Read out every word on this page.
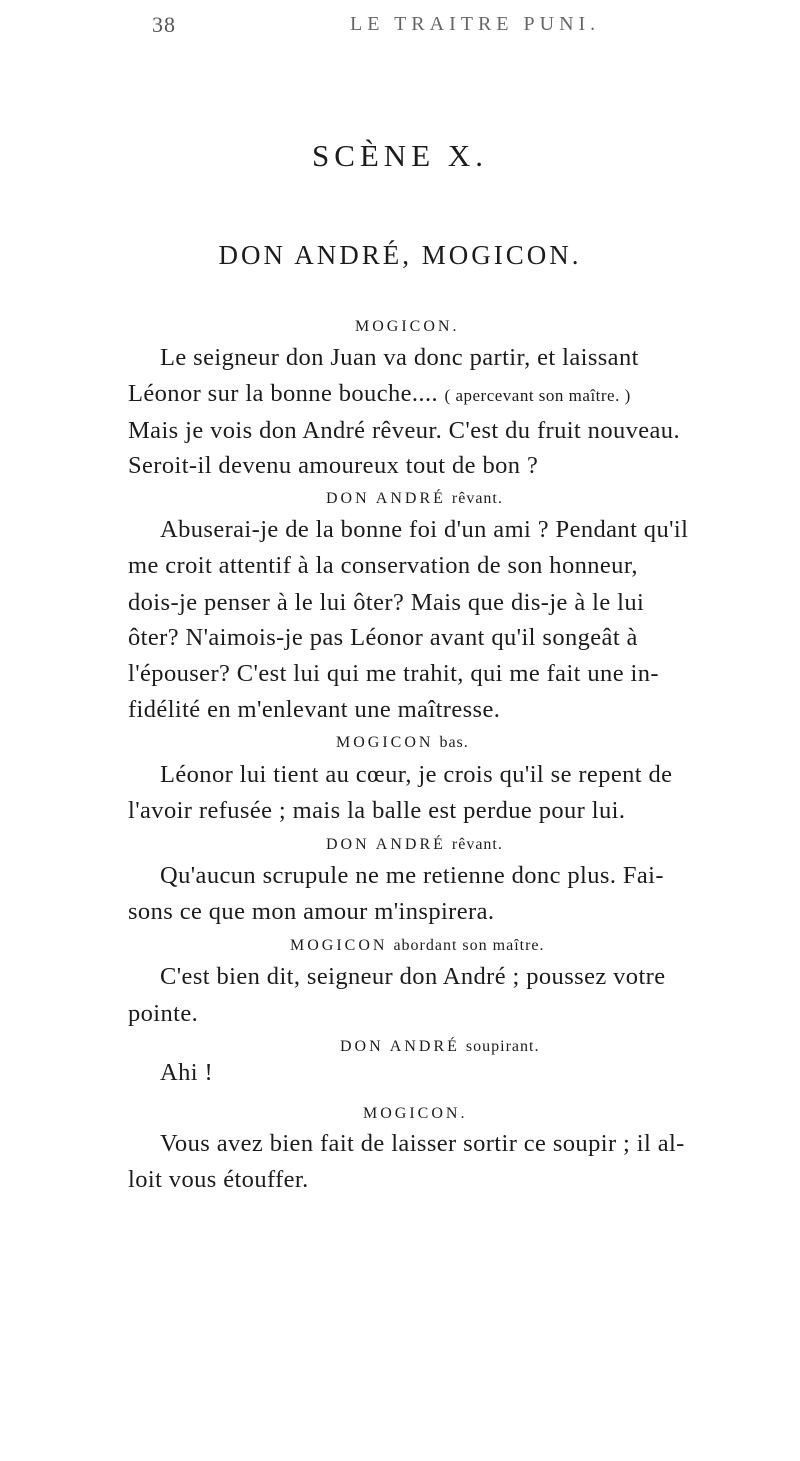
38	LE TRAITRE PUNI.
SCÈNE X.
DON ANDRÉ, MOGICON.
MOGICON.
Le seigneur don Juan va donc partir, et laissant
Léonor sur la bonne bouche.... ( apercevant son maître. )
Mais je vois don André rêveur. C'est du fruit nouveau.
Seroit-il devenu amoureux tout de bon ?
DON ANDRÉ rêvant.
Abuserai-je de la bonne foi d'un ami ? Pendant qu'il
me croit attentif à la conservation de son honneur,
dois-je penser à le lui ôter? Mais que dis-je à le lui
ôter? N'aimois-je pas Léonor avant qu'il songeât à
l'épouser? C'est lui qui me trahit, qui me fait une in-
fidélité en m'enlevant une maîtresse.
MOGICON bas.
Léonor lui tient au cœur, je crois qu'il se repent de
l'avoir refusée ; mais la balle est perdue pour lui.
DON ANDRÉ rêvant.
Qu'aucun scrupule ne me retienne donc plus. Fai-
sons ce que mon amour m'inspirera.
MOGICON abordant son maître.
C'est bien dit, seigneur don André ; poussez votre
pointe.
DON ANDRÉ soupirant.
Ahi !
MOGICON.
Vous avez bien fait de laisser sortir ce soupir ; il al-
loit vous étouffer.
